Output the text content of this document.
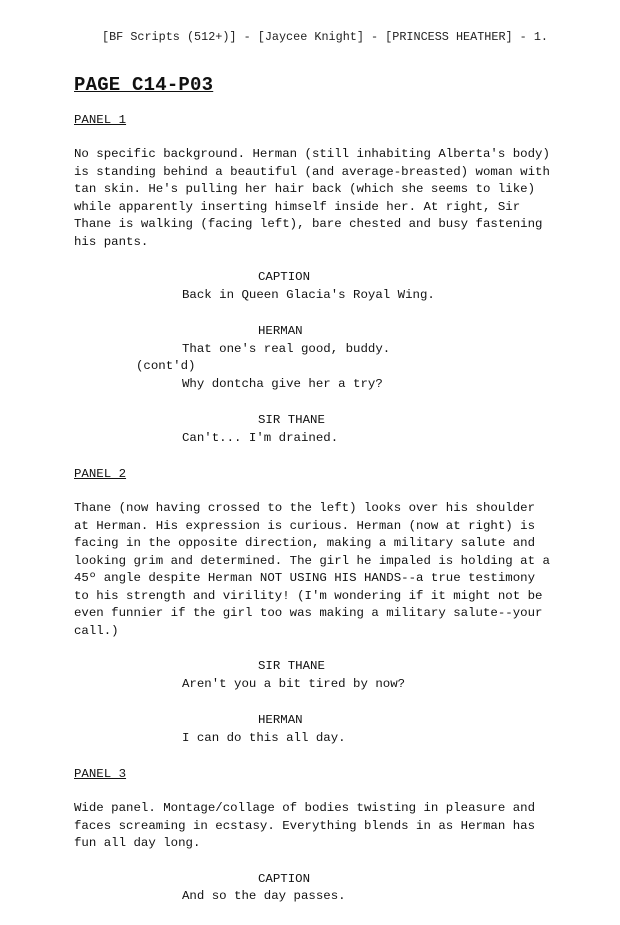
[BF Scripts (512+)] - [Jaycee Knight] - [PRINCESS HEATHER] - 1.
PAGE C14-P03
PANEL 1
No specific background. Herman (still inhabiting Alberta's body)
is standing behind a beautiful (and average-breasted) woman with
tan skin. He's pulling her hair back (which she seems to like)
while apparently inserting himself inside her. At right, Sir
Thane is walking (facing left), bare chested and busy fastening
his pants.
CAPTION
Back in Queen Glacia's Royal Wing.
HERMAN
That one's real good, buddy.
(cont'd)
Why dontcha give her a try?
SIR THANE
Can't... I'm drained.
PANEL 2
Thane (now having crossed to the left) looks over his shoulder
at Herman. His expression is curious. Herman (now at right) is
facing in the opposite direction, making a military salute and
looking grim and determined. The girl he impaled is holding at a
45º angle despite Herman NOT USING HIS HANDS--a true testimony
to his strength and virility! (I'm wondering if it might not be
even funnier if the girl too was making a military salute--your
call.)
SIR THANE
Aren't you a bit tired by now?
HERMAN
I can do this all day.
PANEL 3
Wide panel. Montage/collage of bodies twisting in pleasure and
faces screaming in ecstasy. Everything blends in as Herman has
fun all day long.
CAPTION
And so the day passes.
